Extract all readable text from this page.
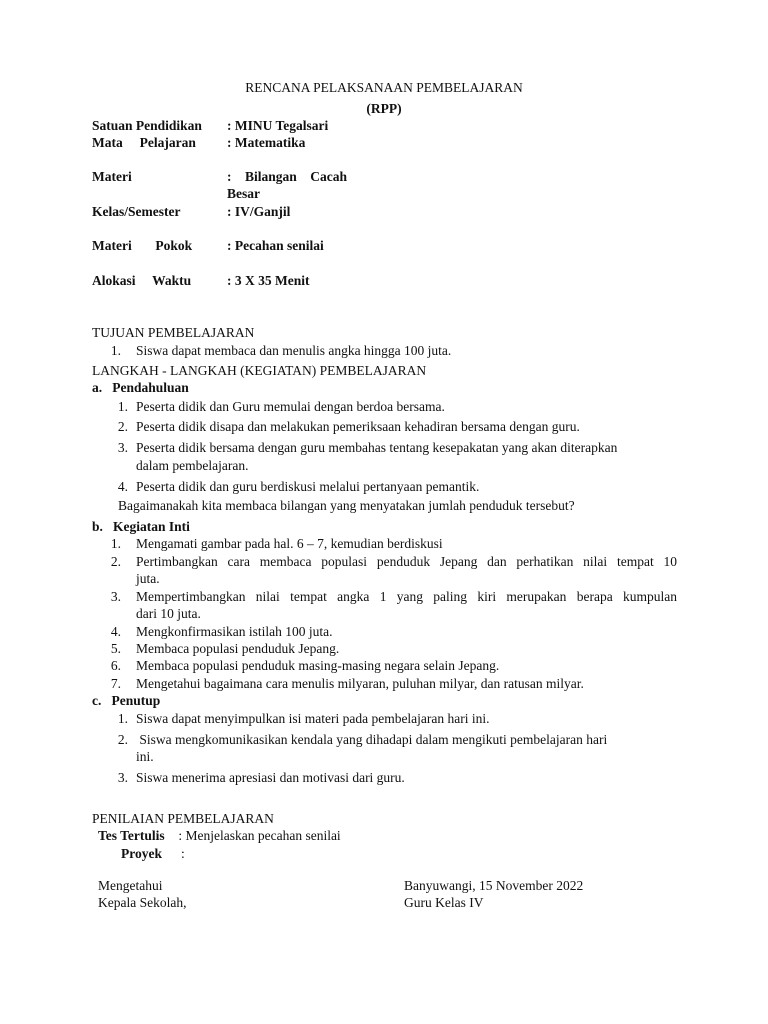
RENCANA PELAKSANAAN PEMBELAJARAN
(RPP)
Satuan Pendidikan : MINU Tegalsari
Mata     Pelajaran : Matematika
Materi	:    Bilangan    Cacah
Besar
Kelas/Semester	: IV/Ganjil
Materi       Pokok	: Pecahan senilai
Alokasi     Waktu	: 3 X 35 Menit
TUJUAN PEMBELAJARAN
1. Siswa dapat membaca dan menulis angka hingga 100 juta.
LANGKAH - LANGKAH (KEGIATAN) PEMBELAJARAN
a.   Pendahuluan
1. Peserta didik dan Guru memulai dengan berdoa bersama.
2. Peserta didik disapa dan melakukan pemeriksaan kehadiran bersama dengan guru.
3. Peserta didik bersama dengan guru membahas tentang kesepakatan yang akan diterapkan
dalam pembelajaran.
4. Peserta didik dan guru berdiskusi melalui pertanyaan pemantik.
Bagaimanakah kita membaca bilangan yang menyatakan jumlah penduduk tersebut?
b.   Kegiatan Inti
1. Mengamati gambar pada hal. 6 – 7, kemudian berdiskusi
2. Pertimbangkan cara membaca populasi penduduk Jepang dan perhatikan nilai tempat 10
juta.
3. Mempertimbangkan nilai tempat angka 1 yang paling kiri merupakan berapa kumpulan
dari 10 juta.
4. Mengkonfirmasikan istilah 100 juta.
5. Membaca populasi penduduk Jepang.
6. Membaca populasi penduduk masing-masing negara selain Jepang.
7. Mengetahui bagaimana cara menulis milyaran, puluhan milyar, dan ratusan milyar.
c.   Penutup
1. Siswa dapat menyimpulkan isi materi pada pembelajaran hari ini.
2. Siswa mengkomunikasikan kendala yang dihadapi dalam mengikuti pembelajaran hari
ini.
3. Siswa menerima apresiasi dan motivasi dari guru.
PENILAIAN PEMBELAJARAN
Tes Tertulis : Menjelaskan pecahan senilai
Proyek :
Mengetahui
Kepala Sekolah,
Banyuwangi, 15 November 2022
Guru Kelas IV
